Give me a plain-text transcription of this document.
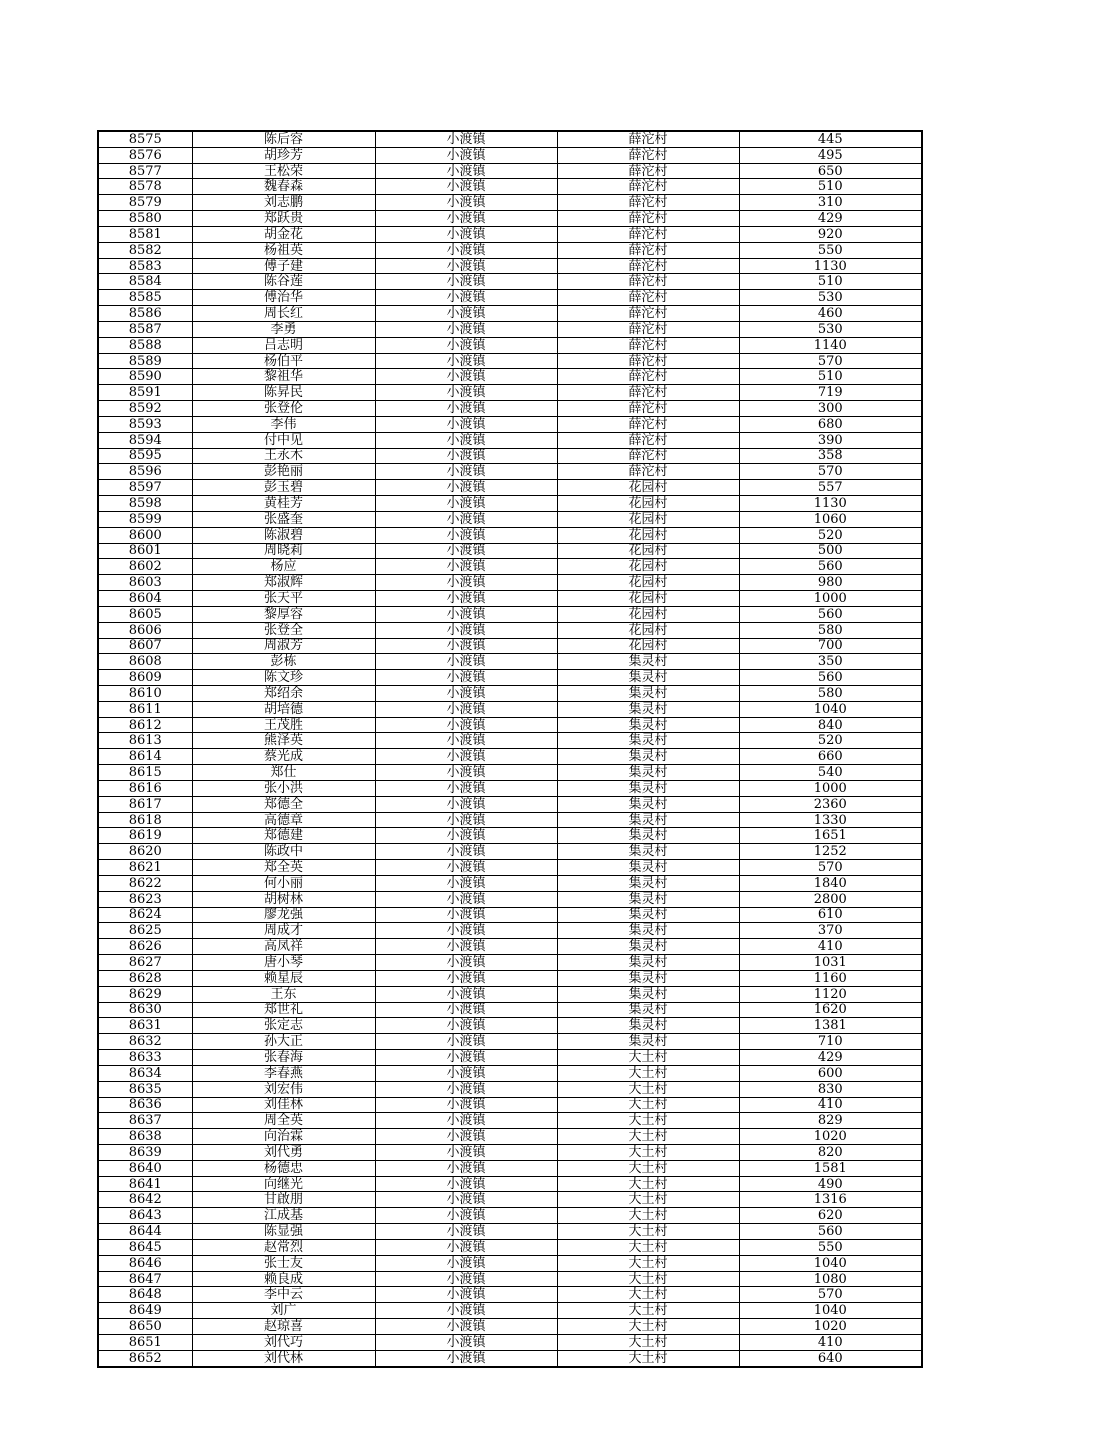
8575	陈后容	小渡镇	薛沱村	445
8576	胡珍芳	小渡镇	薛沱村	495
8577	王松荣	小渡镇	薛沱村	650
8578	魏春森	小渡镇	薛沱村	510
8579	刘志鹏	小渡镇	薛沱村	310
8580	郑跃贵	小渡镇	薛沱村	429
8581	胡金花	小渡镇	薛沱村	920
8582	杨祖英	小渡镇	薛沱村	550
8583	傅子建	小渡镇	薛沱村	1130
8584	陈谷莲	小渡镇	薛沱村	510
8585	傅治华	小渡镇	薛沱村	530
8586	周长红	小渡镇	薛沱村	460
8587	李勇	小渡镇	薛沱村	530
8588	吕志明	小渡镇	薛沱村	1140
8589	杨伯平	小渡镇	薛沱村	570
8590	黎祖华	小渡镇	薛沱村	510
8591	陈昇民	小渡镇	薛沱村	719
8592	张登伦	小渡镇	薛沱村	300
8593	李伟	小渡镇	薛沱村	680
8594	付中见	小渡镇	薛沱村	390
8595	王永木	小渡镇	薛沱村	358
8596	彭艳丽	小渡镇	薛沱村	570
8597	彭玉碧	小渡镇	花园村	557
8598	黄桂芳	小渡镇	花园村	1130
8599	张盛奎	小渡镇	花园村	1060
8600	陈淑碧	小渡镇	花园村	520
8601	周晓莉	小渡镇	花园村	500
8602	杨应	小渡镇	花园村	560
8603	郑淑辉	小渡镇	花园村	980
8604	张天平	小渡镇	花园村	1000
8605	黎厚容	小渡镇	花园村	560
8606	张登全	小渡镇	花园村	580
8607	周淑芳	小渡镇	花园村	700
8608	彭栋	小渡镇	集灵村	350
8609	陈文珍	小渡镇	集灵村	560
8610	郑绍余	小渡镇	集灵村	580
8611	胡培德	小渡镇	集灵村	1040
8612	王茂胜	小渡镇	集灵村	840
8613	熊泽英	小渡镇	集灵村	520
8614	蔡光成	小渡镇	集灵村	660
8615	郑仕	小渡镇	集灵村	540
8616	张小洪	小渡镇	集灵村	1000
8617	郑德全	小渡镇	集灵村	2360
8618	高德章	小渡镇	集灵村	1330
8619	郑德建	小渡镇	集灵村	1651
8620	陈政中	小渡镇	集灵村	1252
8621	郑全英	小渡镇	集灵村	570
8622	何小丽	小渡镇	集灵村	1840
8623	胡树林	小渡镇	集灵村	2800
8624	廖龙强	小渡镇	集灵村	610
8625	周成才	小渡镇	集灵村	370
8626	高凤祥	小渡镇	集灵村	410
8627	唐小琴	小渡镇	集灵村	1031
8628	赖星辰	小渡镇	集灵村	1160
8629	王东	小渡镇	集灵村	1120
8630	郑世礼	小渡镇	集灵村	1620
8631	张定志	小渡镇	集灵村	1381
8632	孙大正	小渡镇	集灵村	710
8633	张春海	小渡镇	大土村	429
8634	李春燕	小渡镇	大土村	600
8635	刘宏伟	小渡镇	大土村	830
8636	刘佳林	小渡镇	大土村	410
8637	周全英	小渡镇	大土村	829
8638	向治霖	小渡镇	大土村	1020
8639	刘代勇	小渡镇	大土村	820
8640	杨德忠	小渡镇	大土村	1581
8641	向继光	小渡镇	大土村	490
8642	甘啟朋	小渡镇	大土村	1316
8643	江成基	小渡镇	大土村	620
8644	陈显强	小渡镇	大土村	560
8645	赵常烈	小渡镇	大土村	550
8646	张士友	小渡镇	大土村	1040
8647	赖良成	小渡镇	大土村	1080
8648	李中云	小渡镇	大土村	570
8649	刘广	小渡镇	大土村	1040
8650	赵琼喜	小渡镇	大土村	1020
8651	刘代巧	小渡镇	大土村	410
8652	刘代林	小渡镇	大土村	640
